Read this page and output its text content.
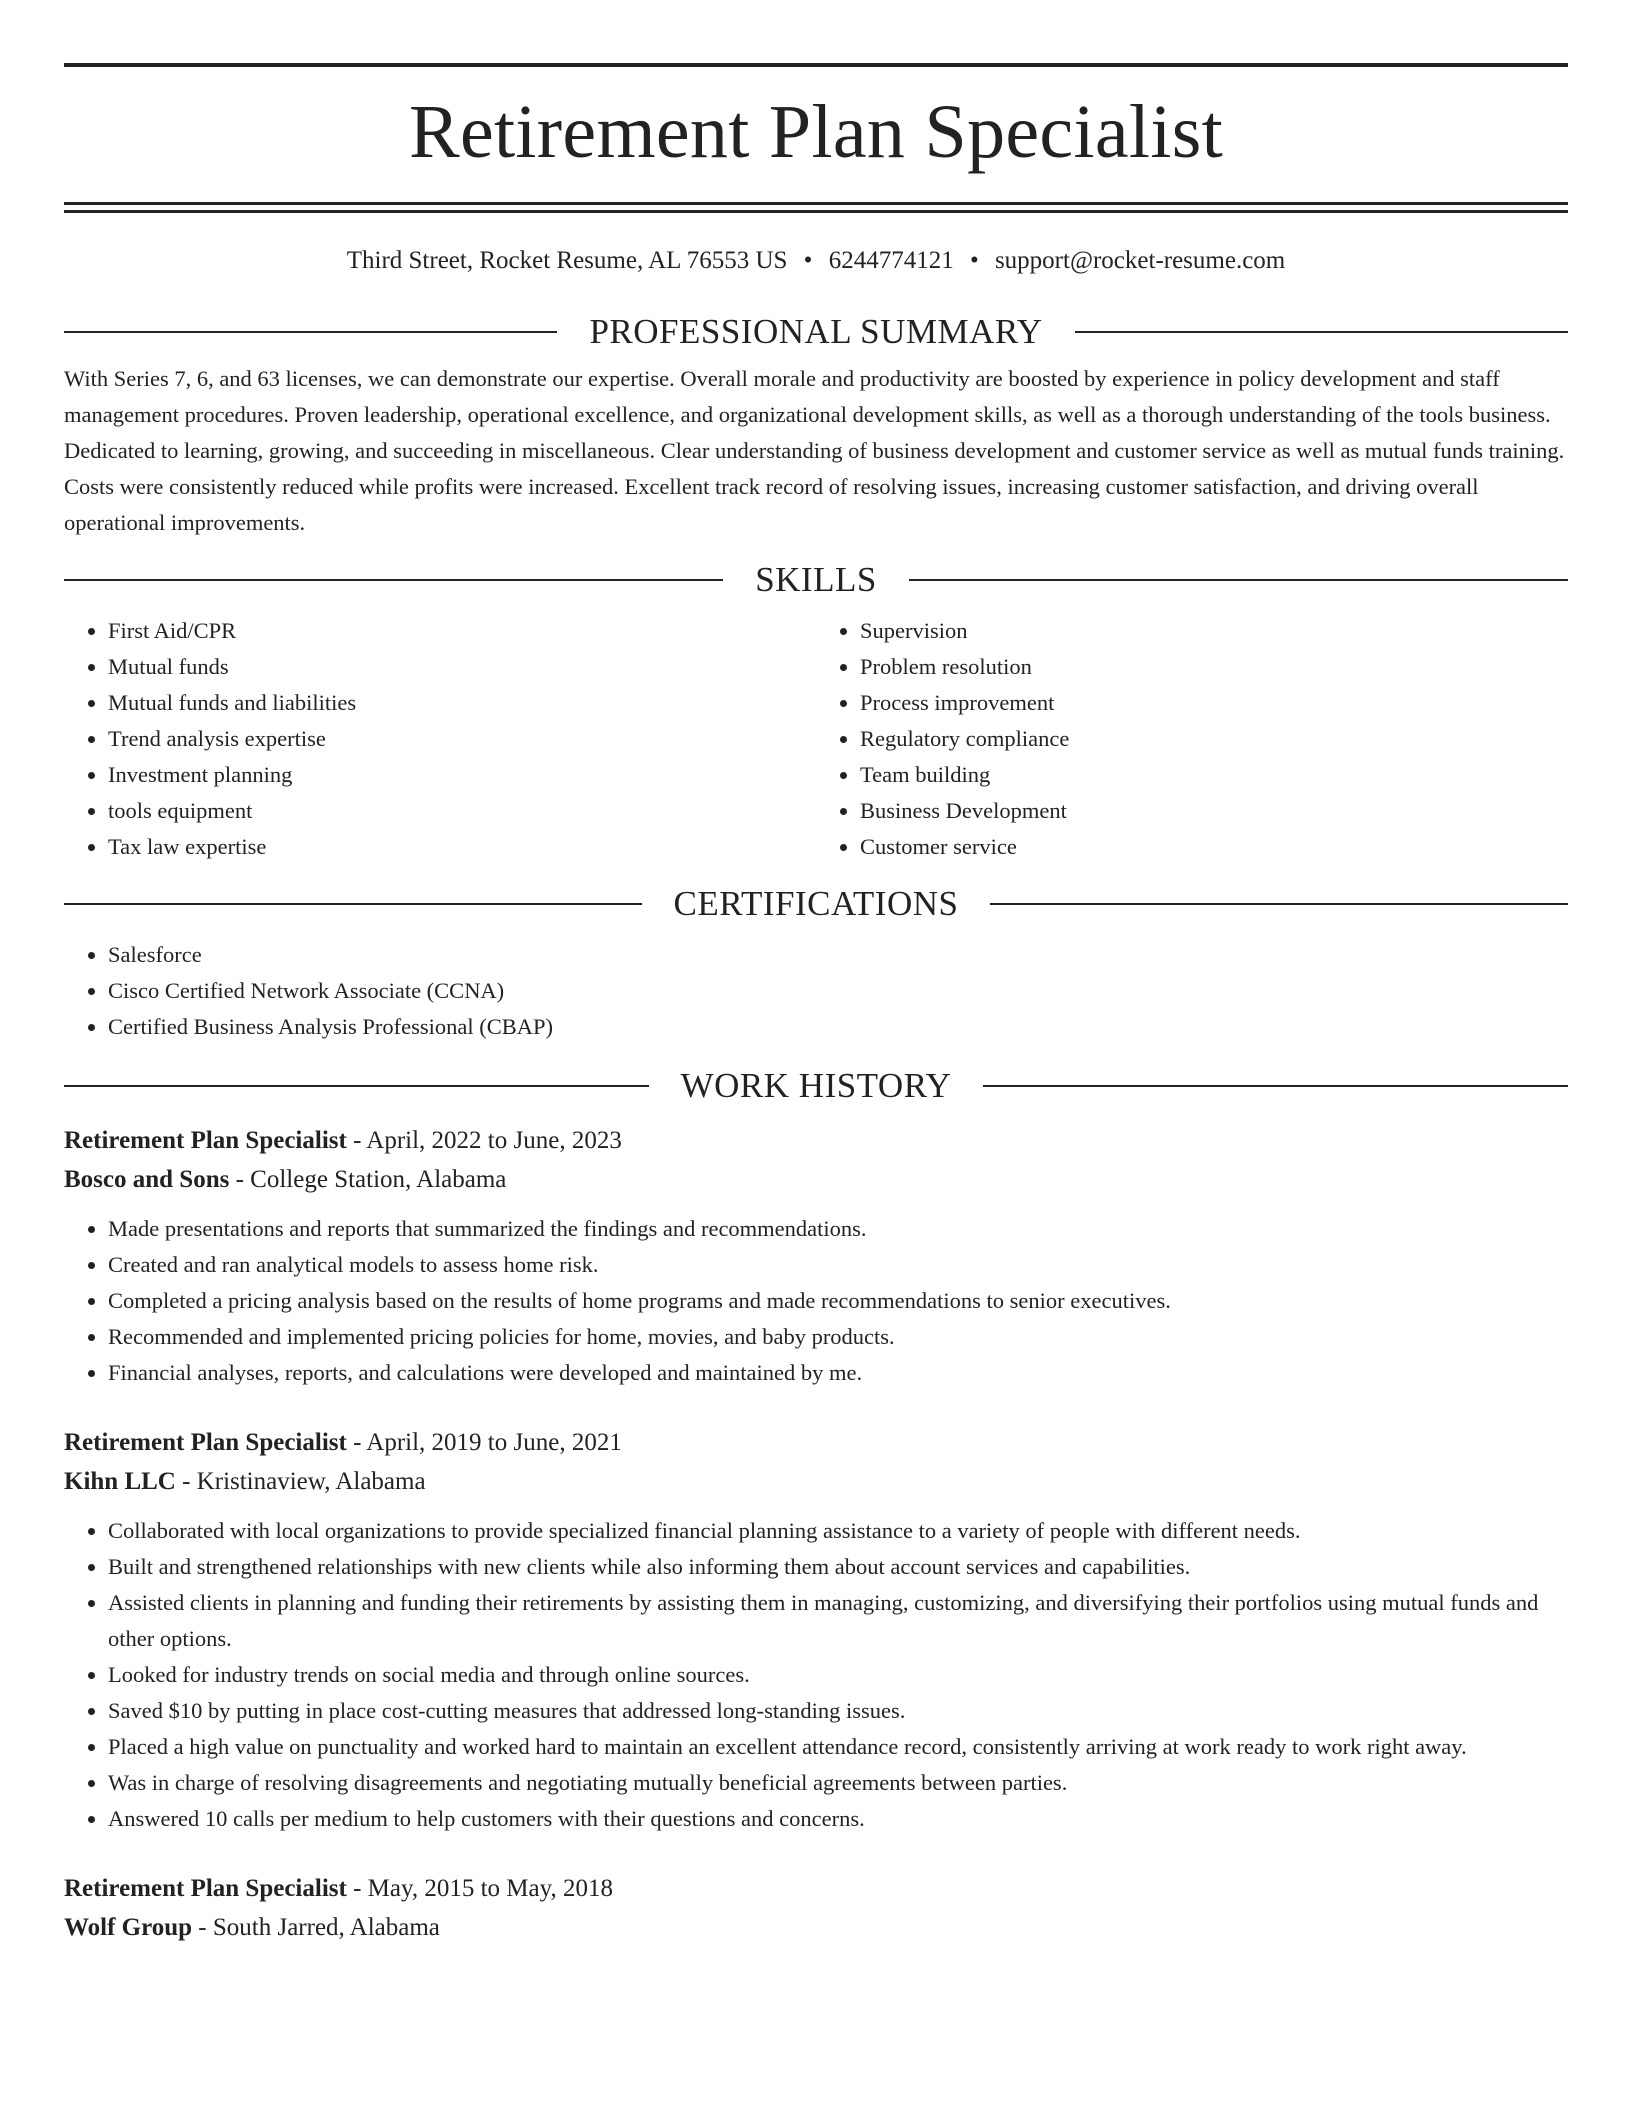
Retirement Plan Specialist
Third Street, Rocket Resume, AL 76553 US • 6244774121 • support@rocket-resume.com
PROFESSIONAL SUMMARY

With Series 7, 6, and 63 licenses, we can demonstrate our expertise. Overall morale and productivity are boosted by experience in policy development and staff management procedures. Proven leadership, operational excellence, and organizational development skills, as well as a thorough understanding of the tools business. Dedicated to learning, growing, and succeeding in miscellaneous. Clear understanding of business development and customer service as well as mutual funds training. Costs were consistently reduced while profits were increased. Excellent track record of resolving issues, increasing customer satisfaction, and driving overall operational improvements.

SKILLS
• First Aid/CPR
• Mutual funds
• Mutual funds and liabilities
• Trend analysis expertise
• Investment planning
• tools equipment
• Tax law expertise
• Supervision
• Problem resolution
• Process improvement
• Regulatory compliance
• Team building
• Business Development
• Customer service
CERTIFICATIONS
• Salesforce
• Cisco Certified Network Associate (CCNA)
• Certified Business Analysis Professional (CBAP)
WORK HISTORY
Retirement Plan Specialist - April, 2022 to June, 2023
Bosco and Sons - College Station, Alabama
• Made presentations and reports that summarized the findings and recommendations.
• Created and ran analytical models to assess home risk.
• Completed a pricing analysis based on the results of home programs and made recommendations to senior executives.
• Recommended and implemented pricing policies for home, movies, and baby products.
• Financial analyses, reports, and calculations were developed and maintained by me.
Retirement Plan Specialist - April, 2019 to June, 2021
Kihn LLC - Kristinaview, Alabama
• Collaborated with local organizations to provide specialized financial planning assistance to a variety of people with different needs.
• Built and strengthened relationships with new clients while also informing them about account services and capabilities.
• Assisted clients in planning and funding their retirements by assisting them in managing, customizing, and diversifying their portfolios using mutual funds and other options.
• Looked for industry trends on social media and through online sources.
• Saved $10 by putting in place cost-cutting measures that addressed long-standing issues.
• Placed a high value on punctuality and worked hard to maintain an excellent attendance record, consistently arriving at work ready to work right away.
• Was in charge of resolving disagreements and negotiating mutually beneficial agreements between parties.
• Answered 10 calls per medium to help customers with their questions and concerns.
Retirement Plan Specialist - May, 2015 to May, 2018
Wolf Group - South Jarred, Alabama
